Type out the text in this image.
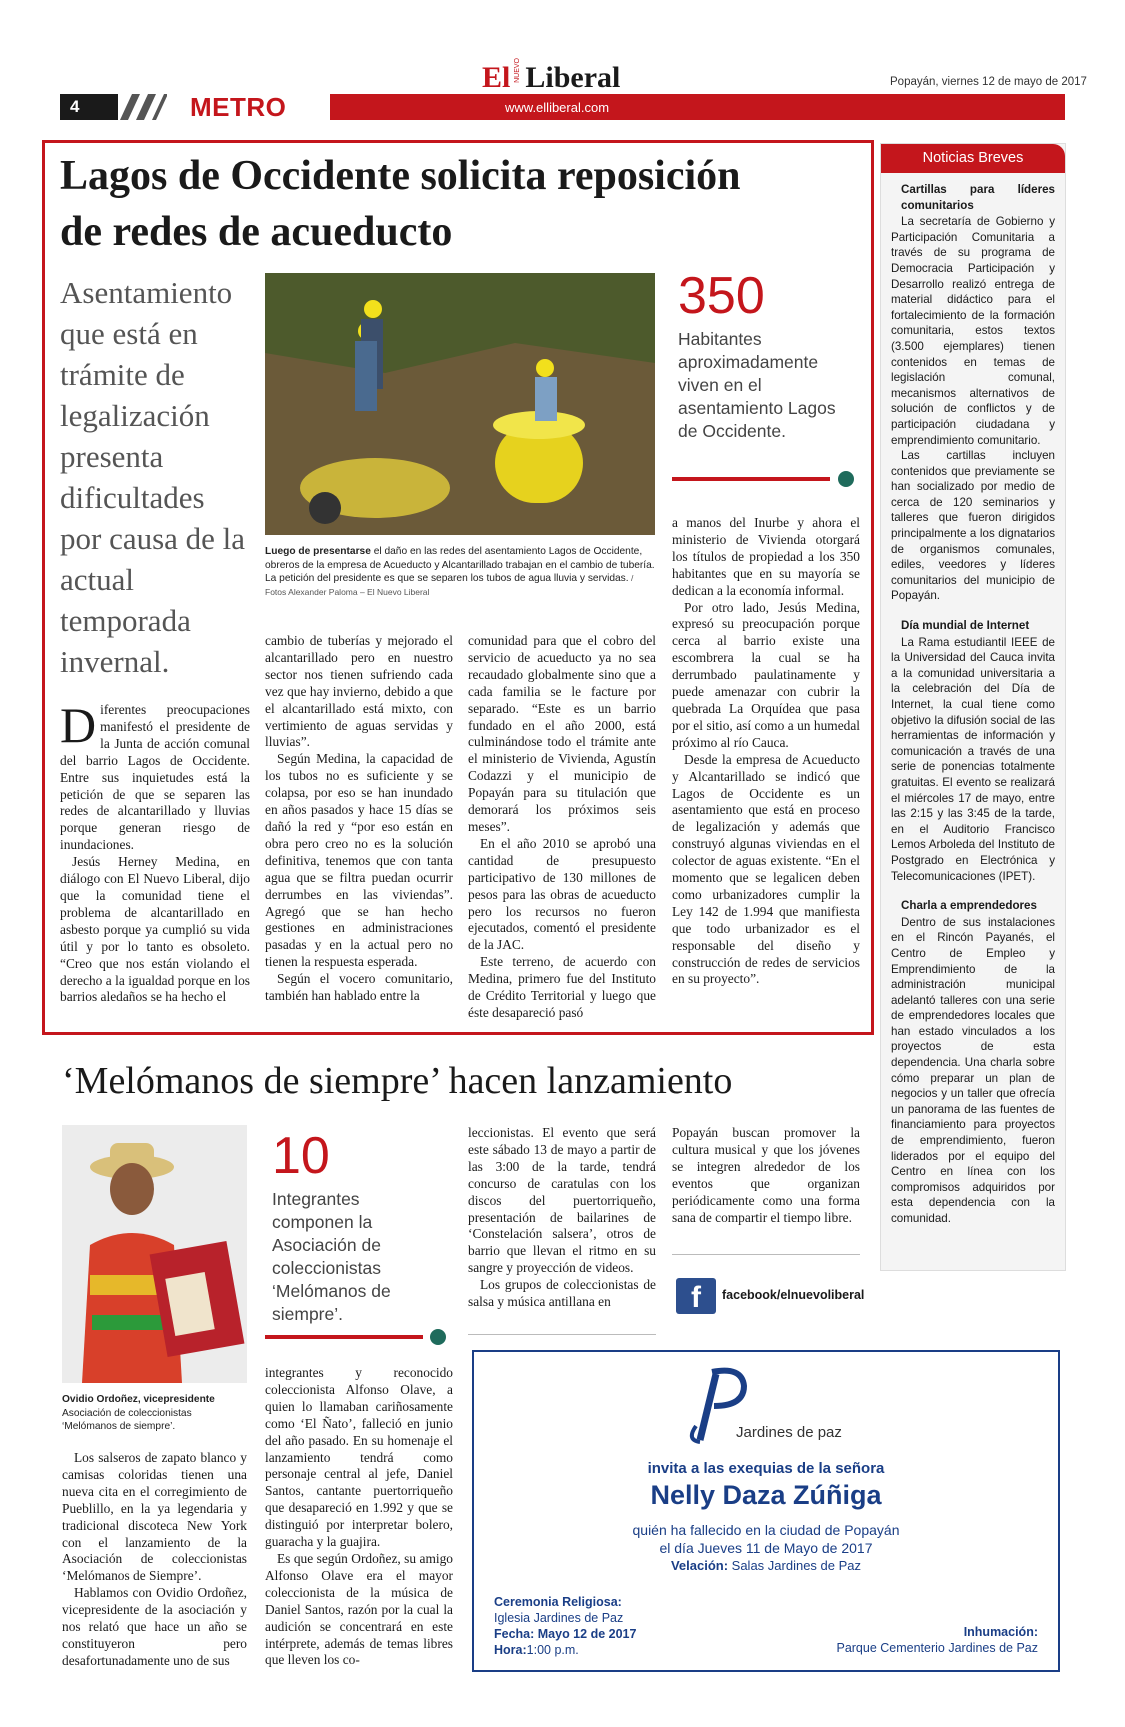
4	METRO	www.elliberal.com
El NUEVO Liberal	Popayán, viernes 12 de mayo de 2017
Lagos de Occidente solicita reposición de redes de acueducto
Asentamiento que está en trámite de legalización presenta dificultades por causa de la actual temporada invernal.
Luego de presentarse el daño en las redes del asentamiento Lagos de Occidente, obreros de la empresa de Acueducto y Alcantarillado trabajan en el cambio de tubería. La petición del presidente es que se separen los tubos de agua lluvia y servidas. / Fotos Alexander Paloma – El Nuevo Liberal
350
Habitantes aproximadamente viven en el asentamiento Lagos de Occidente.

Diferentes preocupaciones manifestó el presidente de la Junta de acción comunal del barrio Lagos de Occidente. Entre sus inquietudes está la petición de que se separen las redes de alcantarillado y lluvias porque generan riesgo de inundaciones.

Jesús Herney Medina, en diálogo con El Nuevo Liberal, dijo que la comunidad tiene el problema de alcantarillado en asbesto porque ya cumplió su vida útil y por lo tanto es obsoleto. “Creo que nos están violando el derecho a la igualdad porque en los barrios aledaños se ha hecho el

cambio de tuberías y mejorado el alcantarillado pero en nuestro sector nos tienen sufriendo cada vez que hay invierno, debido a que el alcantarillado está mixto, con vertimiento de aguas servidas y lluvias”.

Según Medina, la capacidad de los tubos no es suficiente y se colapsa, por eso se han inundado en años pasados y hace 15 días se dañó la red y “por eso están en obra pero creo no es la solución definitiva, tenemos que con tanta agua que se filtra puedan ocurrir derrumbes en las viviendas”. Agregó que se han hecho gestiones en administraciones pasadas y en la actual pero no tienen la respuesta esperada.

Según el vocero comunitario, también han hablado entre la

comunidad para que el cobro del servicio de acueducto ya no sea recaudado globalmente sino que a cada familia se le facture por separado. “Este es un barrio fundado en el año 2000, está culminándose todo el trámite ante el ministerio de Vivienda, Agustín Codazzi y el municipio de Popayán para su titulación que demorará los próximos seis meses”.

En el año 2010 se aprobó una cantidad de presupuesto participativo de 130 millones de pesos para las obras de acueducto pero los recursos no fueron ejecutados, comentó el presidente de la JAC.

Este terreno, de acuerdo con Medina, primero fue del Instituto de Crédito Territorial y luego que éste desapareció pasó

a manos del Inurbe y ahora el ministerio de Vivienda otorgará los títulos de propiedad a los 350 habitantes que en su mayoría se dedican a la economía informal.

Por otro lado, Jesús Medina, expresó su preocupación porque cerca al barrio existe una escombrera la cual se ha derrumbado paulatinamente y puede amenazar con cubrir la quebrada La Orquídea que pasa por el sitio, así como a un humedal próximo al río Cauca.

Desde la empresa de Acueducto y Alcantarillado se indicó que Lagos de Occidente es un asentamiento que está en proceso de legalización y además que construyó algunas viviendas en el colector de aguas existente. “En el momento que se legalicen deben como urbanizadores cumplir la Ley 142 de 1.994 que manifiesta que todo urbanizador es el responsable del diseño y construcción de redes de servicios en su proyecto”.

Noticias Breves
Cartillas para líderes comunitarios

La secretaría de Gobierno y Participación Comunitaria a través de su programa de Democracia Participación y Desarrollo realizó entrega de material didáctico para el fortalecimiento de la formación comunitaria, estos textos (3.500 ejemplares) tienen contenidos en temas de legislación comunal, mecanismos alternativos de solución de conflictos y de participación ciudadana y emprendimiento comunitario.

Las cartillas incluyen contenidos que previamente se han socializado por medio de cerca de 120 seminarios y talleres que fueron dirigidos principalmente a los dignatarios de organismos comunales, ediles, veedores y líderes comunitarios del municipio de Popayán.

Día mundial de Internet

La Rama estudiantil IEEE de la Universidad del Cauca invita a la comunidad universitaria a la celebración del Día de Internet, la cual tiene como objetivo la difusión social de las herramientas de información y comunicación a través de una serie de ponencias totalmente gratuitas. El evento se realizará el miércoles 17 de mayo, entre las 2:15 y las 3:45 de la tarde, en el Auditorio Francisco Lemos Arboleda del Instituto de Postgrado en Electrónica y Telecomunicaciones (IPET).

Charla a emprendedores

Dentro de sus instalaciones en el Rincón Payanés, el Centro de Empleo y Emprendimiento de la administración municipal adelantó talleres con una serie de emprendedores locales que han estado vinculados a los proyectos de esta dependencia. Una charla sobre cómo preparar un plan de negocios y un taller que ofrecía un panorama de las fuentes de financiamiento para proyectos de emprendimiento, fueron liderados por el equipo del Centro en línea con los compromisos adquiridos por esta dependencia con la comunidad.

‘Melómanos de siempre’ hacen lanzamiento
Ovidio Ordoñez, vicepresidente Asociación de coleccionistas ‘Melómanos de siempre’.
10
Integrantes componen la Asociación de coleccionistas ‘Melómanos de siempre’.

Los salseros de zapato blanco y camisas coloridas tienen una nueva cita en el corregimiento de Pueblillo, en la ya legendaria y tradicional discoteca New York con el lanzamiento de la Asociación de coleccionistas ‘Melómanos de Siempre’.

Hablamos con Ovidio Ordoñez, vicepresidente de la asociación y nos relató que hace un año se constituyeron pero desafortunadamente uno de sus

integrantes y reconocido coleccionista Alfonso Olave, a quien lo llamaban cariñosamente como ‘El Ñato’, falleció en junio del año pasado. En su homenaje el lanzamiento tendrá como personaje central al jefe, Daniel Santos, cantante puertorriqueño que desapareció en 1.992 y que se distinguió por interpretar bolero, guaracha y la guajira.

Es que según Ordoñez, su amigo Alfonso Olave era el mayor coleccionista de la música de Daniel Santos, razón por la cual la audición se concentrará en este intérprete, además de temas libres que lleven los co-

leccionistas. El evento que será este sábado 13 de mayo a partir de las 3:00 de la tarde, tendrá concurso de caratulas con los discos del puertorriqueño, presentación de bailarines de ‘Constelación salsera’, otros de barrio que llevan el ritmo en su sangre y proyección de videos.

Los grupos de coleccionistas de salsa y música antillana en

Popayán buscan promover la cultura musical y que los jóvenes se integren alrededor de los eventos que organizan periódicamente como una forma sana de compartir el tiempo libre.

f	facebook/elnuevoliberal
Jardines de paz
invita a las exequias de la señora
Nelly Daza Zúñiga
quién ha fallecido en la ciudad de Popayán
el día Jueves 11 de Mayo de 2017
Velación: Salas Jardines de Paz
Ceremonia Religiosa:
Iglesia Jardines de Paz
Fecha: Mayo 12 de 2017
Hora:1:00 p.m.
Inhumación:
Parque Cementerio Jardines de Paz
